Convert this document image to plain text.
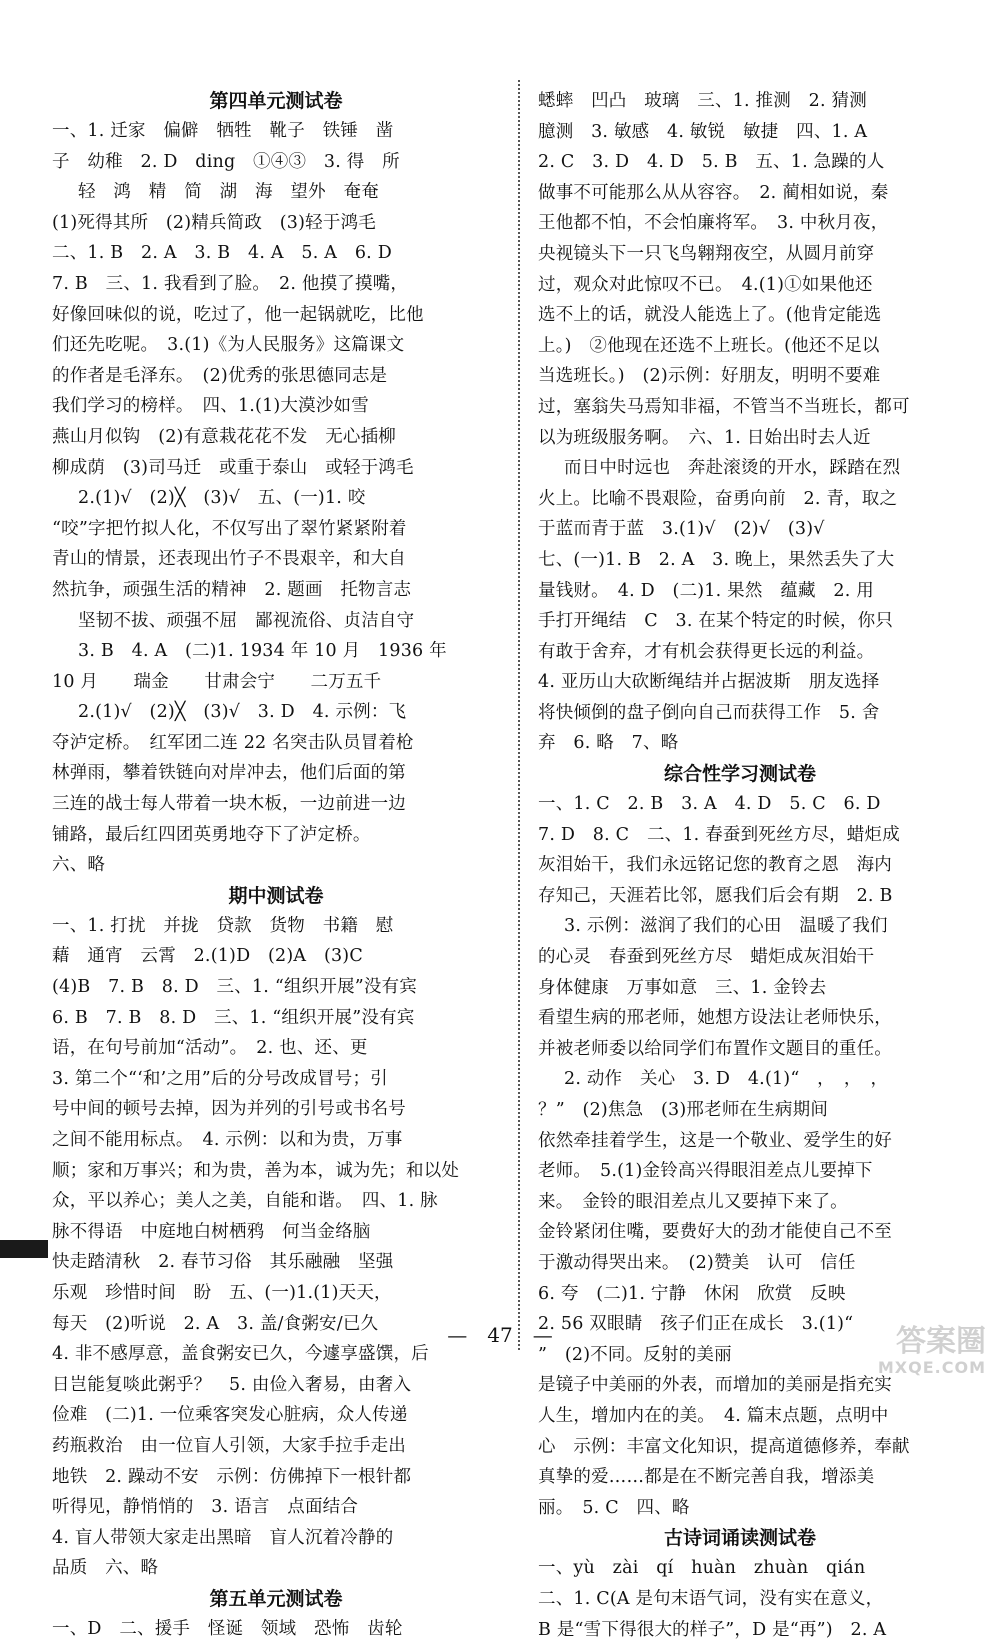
第四单元测试卷
一、1. 迁家　偏僻　牺牲　靴子　铁锤　凿
子　幼稚　2. D　ding　①④③　3. 得　所
轻　鸿　精　简　湖　海　望外　奄奄
(1)死得其所　(2)精兵简政　(3)轻于鸿毛
二、1. B　2. A　3. B　4. A　5. A　6. D
7. B　三、1. 我看到了脸。　2. 他摸了摸嘴，
好像回味似的说，吃过了，他一起锅就吃，比他
们还先吃呢。　3.(1)《为人民服务》这篇课文
的作者是毛泽东。　(2)优秀的张思德同志是
我们学习的榜样。　四、1.(1)大漠沙如雪
燕山月似钩　(2)有意栽花花不发　无心插柳
柳成荫　(3)司马迁　或重于泰山　或轻于鸿毛
2.(1)√　(2)╳　(3)√　五、(一)1. 咬
“咬”字把竹拟人化，不仅写出了翠竹紧紧附着
青山的情景，还表现出竹子不畏艰辛，和大自
然抗争，顽强生活的精神　2. 题画　托物言志
坚韧不拔、顽强不屈　鄙视流俗、贞洁自守
3. B　4. A　(二)1. 1934 年 10 月　1936 年
10 月　　瑞金　　甘肃会宁　　二万五千
2.(1)√　(2)╳　(3)√　3. D　4. 示例：飞
夺泸定桥。　红军团二连 22 名突击队员冒着枪
林弹雨，攀着铁链向对岸冲去，他们后面的第
三连的战士每人带着一块木板，一边前进一边
铺路，最后红四团英勇地夺下了泸定桥。
六、略
期中测试卷
一、1. 打扰　并拢　贷款　货物　书籍　慰
藉　通宵　云霄　2.(1)D　(2)A　(3)C
(4)B　7. B　8. D　三、1. “组织开展”没有宾
6. B　7. B　8. D　三、1. “组织开展”没有宾
语，在句号前加“活动”。　2. 也、还、更
3. 第二个“‘和’之用”后的分号改成冒号；引
号中间的顿号去掉，因为并列的引号或书名号
之间不能用标点。　4. 示例：以和为贵，万事
顺；家和万事兴；和为贵，善为本，诚为先；和以处
众，平以养心；美人之美，自能和谐。　四、1. 脉
脉不得语　中庭地白树栖鸦　何当金络脑
快走踏清秋　2. 春节习俗　其乐融融　坚强
乐观　珍惜时间　盼　五、(一)1.(1)天天，
每天　(2)听说　2. A　3. 盖/食粥安/已久
4. 非不感厚意，盖食粥安已久，今遽享盛馔，后
日岂能复啖此粥乎？　5. 由俭入奢易，由奢入
俭难　(二)1. 一位乘客突发心脏病，众人传递
药瓶救治　由一位盲人引领，大家手拉手走出
地铁　2. 躁动不安　示例：仿佛掉下一根针都
听得见，静悄悄的　3. 语言　点面结合
4. 盲人带领大家走出黑暗　盲人沉着冷静的
品质　六、略
第五单元测试卷
一、D　二、援手　怪诞　领域　恐怖　齿轮
蟋蟀　凹凸　玻璃　三、1. 推测　2. 猜测
臆测　3. 敏感　4. 敏锐　敏捷　四、1. A
2. C　3. D　4. D　5. B　五、1. 急躁的人
做事不可能那么从从容容。　2. 蔺相如说，秦
王他都不怕，不会怕廉将军。　3. 中秋月夜，
央视镜头下一只飞鸟翱翔夜空，从圆月前穿
过，观众对此惊叹不已。　4.(1)①如果他还
选不上的话，就没人能选上了。(他肯定能选
上。)　②他现在还选不上班长。(他还不足以
当选班长。)　(2)示例：好朋友，明明不要难
过，塞翁失马焉知非福，不管当不当班长，都可
以为班级服务啊。　六、1. 日始出时去人近
而日中时远也　奔赴滚烫的开水，踩踏在烈
火上。比喻不畏艰险，奋勇向前　2. 青，取之
于蓝而青于蓝　3.(1)√　(2)√　(3)√
七、(一)1. B　2. A　3. 晚上，果然丢失了大
量钱财。　4. D　(二)1. 果然　蕴藏　2. 用
手打开绳结　C　3. 在某个特定的时候，你只
有敢于舍弃，才有机会获得更长远的利益。
4. 亚历山大砍断绳结并占据波斯　朋友选择
将快倾倒的盘子倒向自己而获得工作　5. 舍
弃　6. 略　7、略
综合性学习测试卷
一、1. C　2. B　3. A　4. D　5. C　6. D
7. D　8. C　二、1. 春蚕到死丝方尽，蜡炬成
灰泪始干，我们永远铭记您的教育之恩　海内
存知己，天涯若比邻，愿我们后会有期　2. B
3. 示例：滋润了我们的心田　温暖了我们
的心灵　春蚕到死丝方尽　蜡炬成灰泪始干
身体健康　万事如意　三、1. 金铃去
看望生病的邢老师，她想方设法让老师快乐，
并被老师委以给同学们布置作文题目的重任。
2. 动作　关心　3. D　4.(1)“　，　，　，
？”　(2)焦急　(3)邢老师在生病期间
依然牵挂着学生，这是一个敬业、爱学生的好
老师。　5.(1)金铃高兴得眼泪差点儿要掉下
来。　金铃的眼泪差点儿又要掉下来了。
金铃紧闭住嘴，要费好大的劲才能使自己不至
于激动得哭出来。　(2)赞美　认可　信任
6. 夸　(二)1. 宁静　休闲　欣赏　反映
2. 56 双眼睛　孩子们正在成长　3.(1)“
”　(2)不同。反射的美丽
是镜子中美丽的外表，而增加的美丽是指充实
人生，增加内在的美。　4. 篇末点题，点明中
心　示例：丰富文化知识，提高道德修养，奉献
真挚的爱……都是在不断完善自我，增添美
丽。　5. C　四、略
古诗词诵读测试卷
一、yù　zài　qí　huàn　zhuàn　qián
二、1. C(A 是句末语气词，没有实在意义，
B 是“雪下得很大的样子”，D 是“再”)　2. A
—　47　—	答案圈
MXQE.COM
